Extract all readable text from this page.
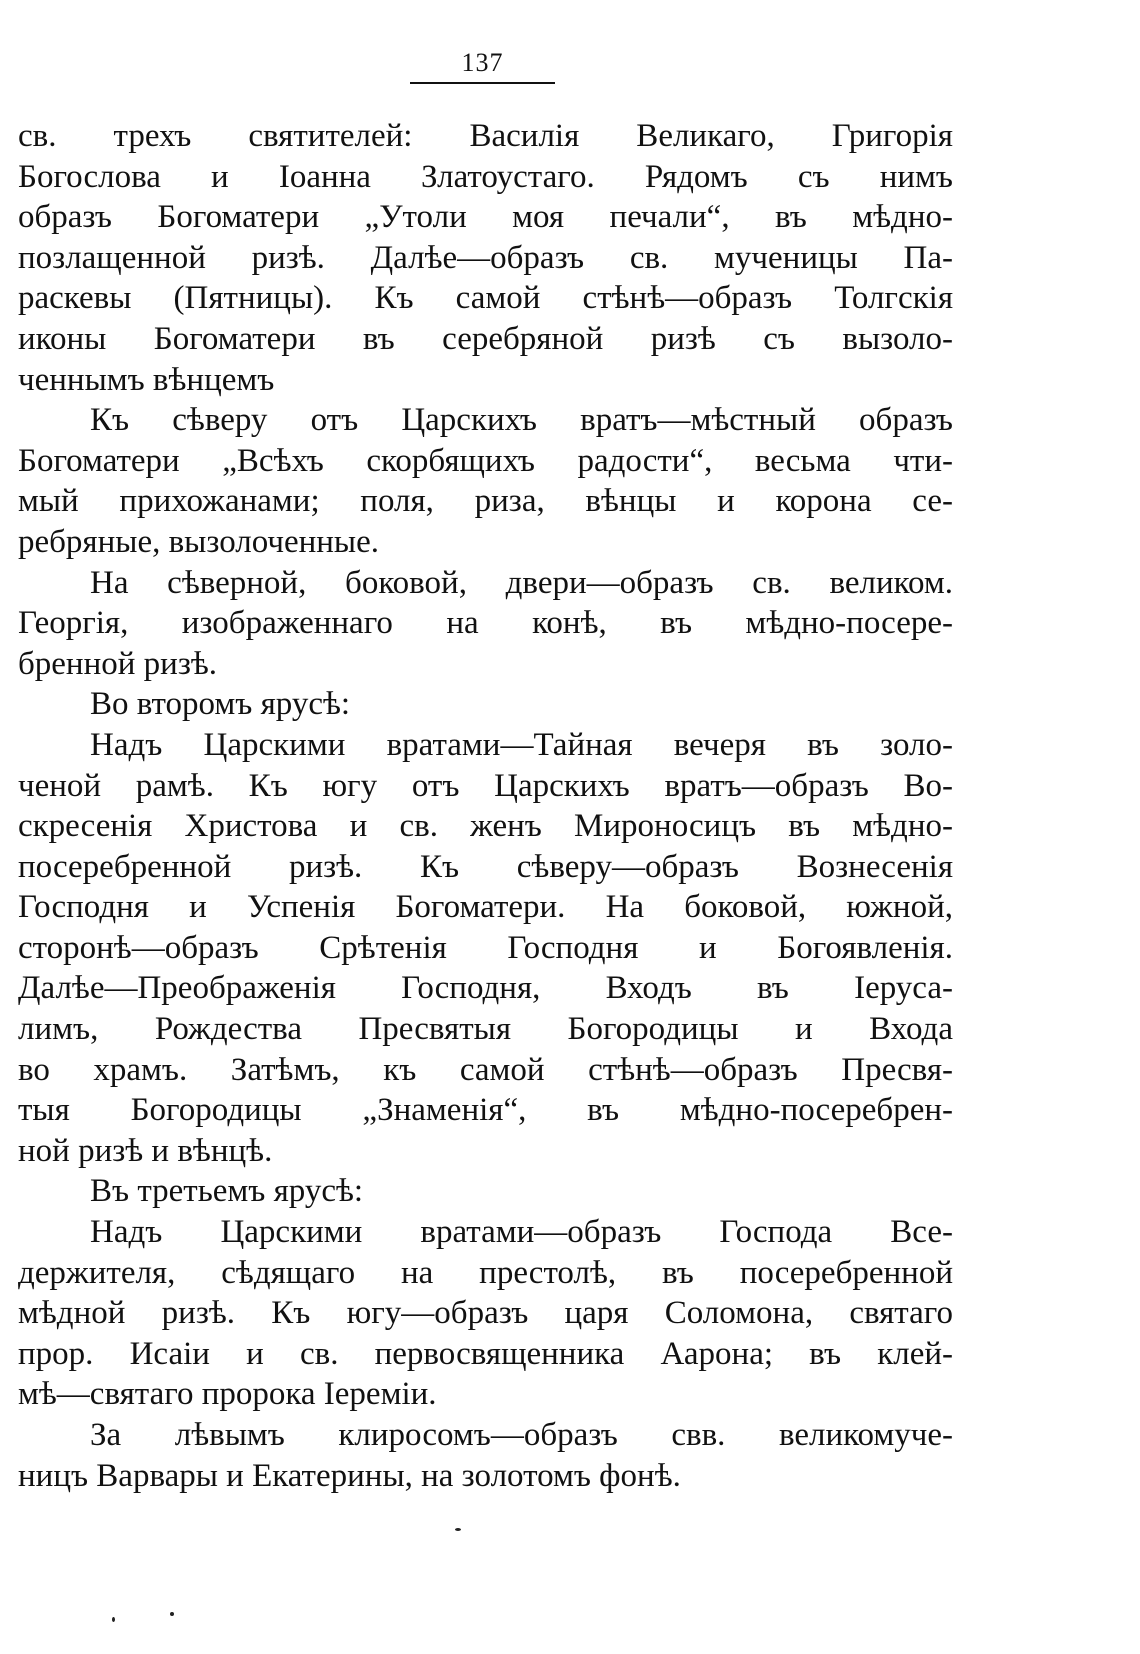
137
св. трехъ святителей: Василія Великаго, Григорія
Богослова и Іоанна Златоустаго. Рядомъ съ нимъ
образъ Богоматери „Утоли моя печали“, въ мѣдно-
позлащенной ризѣ. Далѣе—образъ св. мученицы Па-
раскевы (Пятницы). Къ самой стѣнѣ—образъ Толгскія
иконы Богоматери въ серебряной ризѣ съ вызоло-
ченнымъ вѣнцемъ
Къ сѣверу отъ Царскихъ вратъ—мѣстный образъ
Богоматери „Всѣхъ скорбящихъ радости“, весьма чти-
мый прихожанами; поля, риза, вѣнцы и корона се-
ребряные, вызолоченные.
На сѣверной, боковой, двери—образъ св. великом.
Георгія, изображеннаго на конѣ, въ мѣдно-посере-
бренной ризѣ.
Во второмъ ярусѣ:
Надъ Царскими вратами—Тайная вечеря въ золо-
ченой рамѣ. Къ югу отъ Царскихъ вратъ—образъ Во-
скресенія Христова и св. женъ Мироносицъ въ мѣдно-
посеребренной ризѣ. Къ сѣверу—образъ Вознесенія
Господня и Успенія Богоматери. На боковой, южной,
сторонѣ—образъ Срѣтенія Господня и Богоявленія.
Далѣе—Преображенія Господня, Входъ въ Іеруса-
лимъ, Рождества Пресвятыя Богородицы и Входа
во храмъ. Затѣмъ, къ самой стѣнѣ—образъ Пресвя-
тыя Богородицы „Знаменія“, въ мѣдно-посеребрен-
ной ризѣ и вѣнцѣ.
Въ третьемъ ярусѣ:
Надъ Царскими вратами—образъ Господа Все-
держителя, сѣдящаго на престолѣ, въ посеребренной
мѣдной ризѣ. Къ югу—образъ царя Соломона, святаго
прор. Исаіи и св. первосвященника Аарона; въ клей-
мѣ—святаго пророка Іереміи.
За лѣвымъ клиросомъ—образъ свв. великомуче-
ницъ Варвары и Екатерины, на золотомъ фонѣ.
